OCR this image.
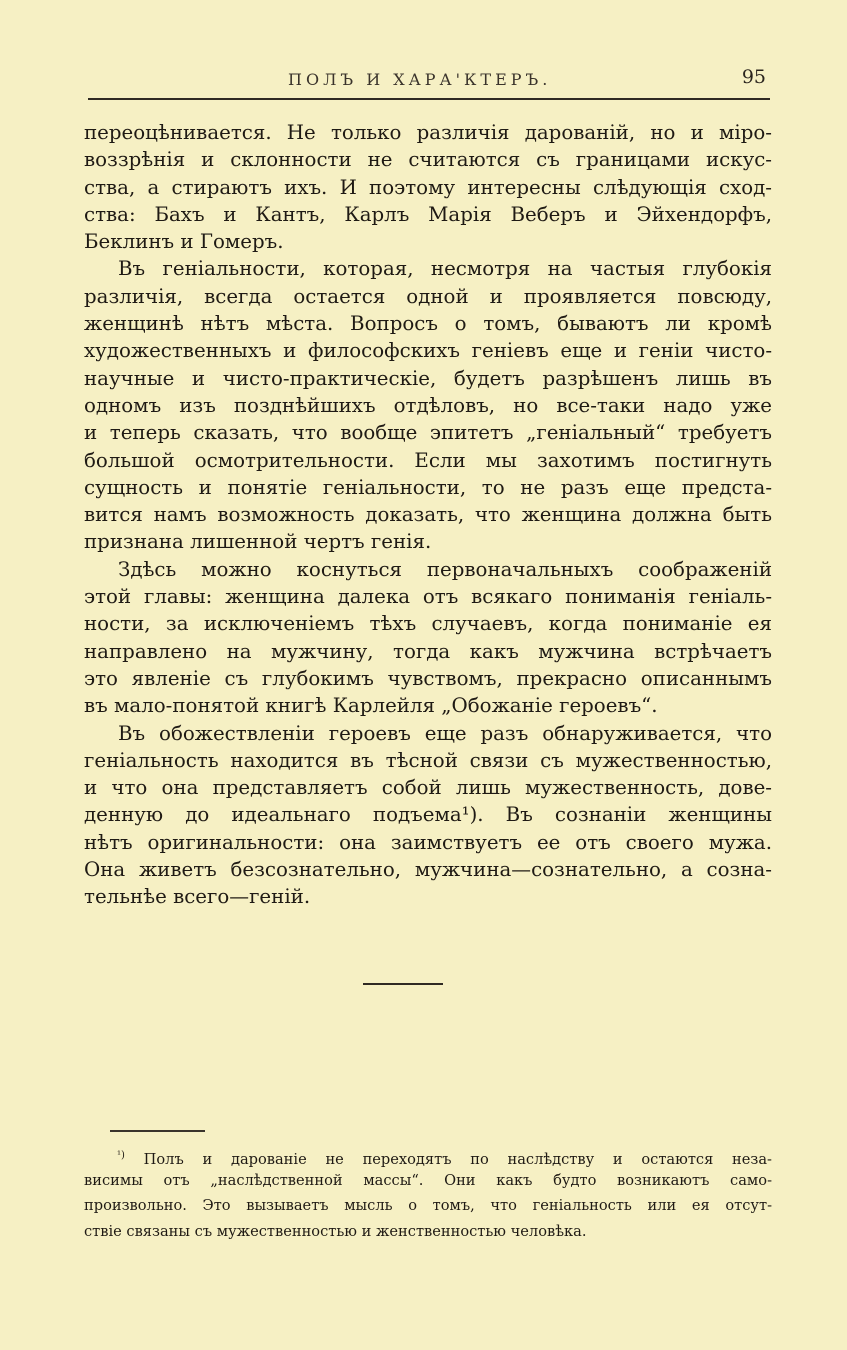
ПОЛЪ И ХАРА'КТЕРЪ.	95
переоцѣнивается. Не только различія дарованій, но и міро-
воззрѣнія и склонности не считаются съ границами искус-
ства, а стираютъ ихъ. И поэтому интересны слѣдующія сход-
ства: Бахъ и Кантъ, Карлъ Марія Веберъ и Эйхендорфъ,
Беклинъ и Гомеръ.
Въ геніальности, которая, несмотря на частыя глубокія
различія, всегда остается одной и проявляется повсюду,
женщинѣ нѣтъ мѣста. Вопросъ о томъ, бываютъ ли кромѣ
художественныхъ и философскихъ геніевъ еще и геніи чисто-
научные и чисто-практическіе, будетъ разрѣшенъ лишь въ
одномъ изъ позднѣйшихъ отдѣловъ, но все-таки надо уже
и теперь сказать, что вообще эпитетъ „геніальный“ требуетъ
большой осмотрительности. Если мы захотимъ постигнуть
сущность и понятіе геніальности, то не разъ еще предста-
вится намъ возможность доказать, что женщина должна быть
признана лишенной чертъ генія.
Здѣсь можно коснуться первоначальныхъ соображеній
этой главы: женщина далека отъ всякаго пониманія геніаль-
ности, за исключеніемъ тѣхъ случаевъ, когда пониманіе ея
направлено на мужчину, тогда какъ мужчина встрѣчаетъ
это явленіе съ глубокимъ чувствомъ, прекрасно описаннымъ
въ мало-понятой книгѣ Карлейля „Обожаніе героевъ“.
Въ обожествленіи героевъ еще разъ обнаруживается, что
геніальность находится въ тѣсной связи съ мужественностью,
и что она представляетъ собой лишь мужественность, дове-
денную до идеальнаго подъема¹). Въ сознаніи женщины
нѣтъ оригинальности: она заимствуетъ ее отъ своего мужа.
Она живетъ безсознательно, мужчина—сознательно, а созна-
тельнѣе всего—геній.
$^{^1)}$ Полъ и дарованіе не переходятъ по наслѣдству и остаются неза-
висимы отъ „наслѣдственной массы“. Они какъ будто возникаютъ само-
произвольно. Это вызываетъ мысль о томъ, что геніальность или ея отсут-
ствіе связаны съ мужественностью и женственностью человѣка.
